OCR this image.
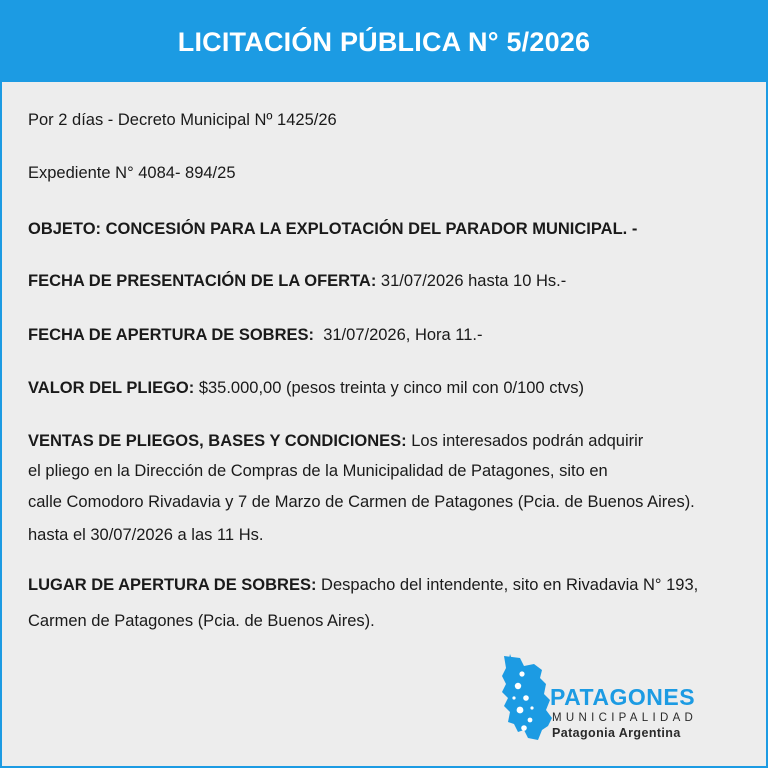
LICITACIÓN PÚBLICA N° 5/2026
Por 2 días - Decreto Municipal Nº 1425/26
Expediente N° 4084- 894/25
OBJETO: CONCESIÓN PARA LA EXPLOTACIÓN DEL PARADOR MUNICIPAL. -
FECHA DE PRESENTACIÓN DE LA OFERTA: 31/07/2026 hasta 10 Hs.-
FECHA DE APERTURA DE SOBRES:  31/07/2026, Hora 11.-
VALOR DEL PLIEGO: $35.000,00 (pesos treinta y cinco mil con 0/100 ctvs)
VENTAS DE PLIEGOS, BASES Y CONDICIONES: Los interesados podrán adquirir
el pliego en la Dirección de Compras de la Municipalidad de Patagones, sito en
calle Comodoro Rivadavia y 7 de Marzo de Carmen de Patagones (Pcia. de Buenos Aires).
hasta el 30/07/2026 a las 11 Hs.
LUGAR DE APERTURA DE SOBRES: Despacho del intendente, sito en Rivadavia N° 193,
Carmen de Patagones (Pcia. de Buenos Aires).
PATAGONES
MUNICIPALIDAD
Patagonia Argentina
